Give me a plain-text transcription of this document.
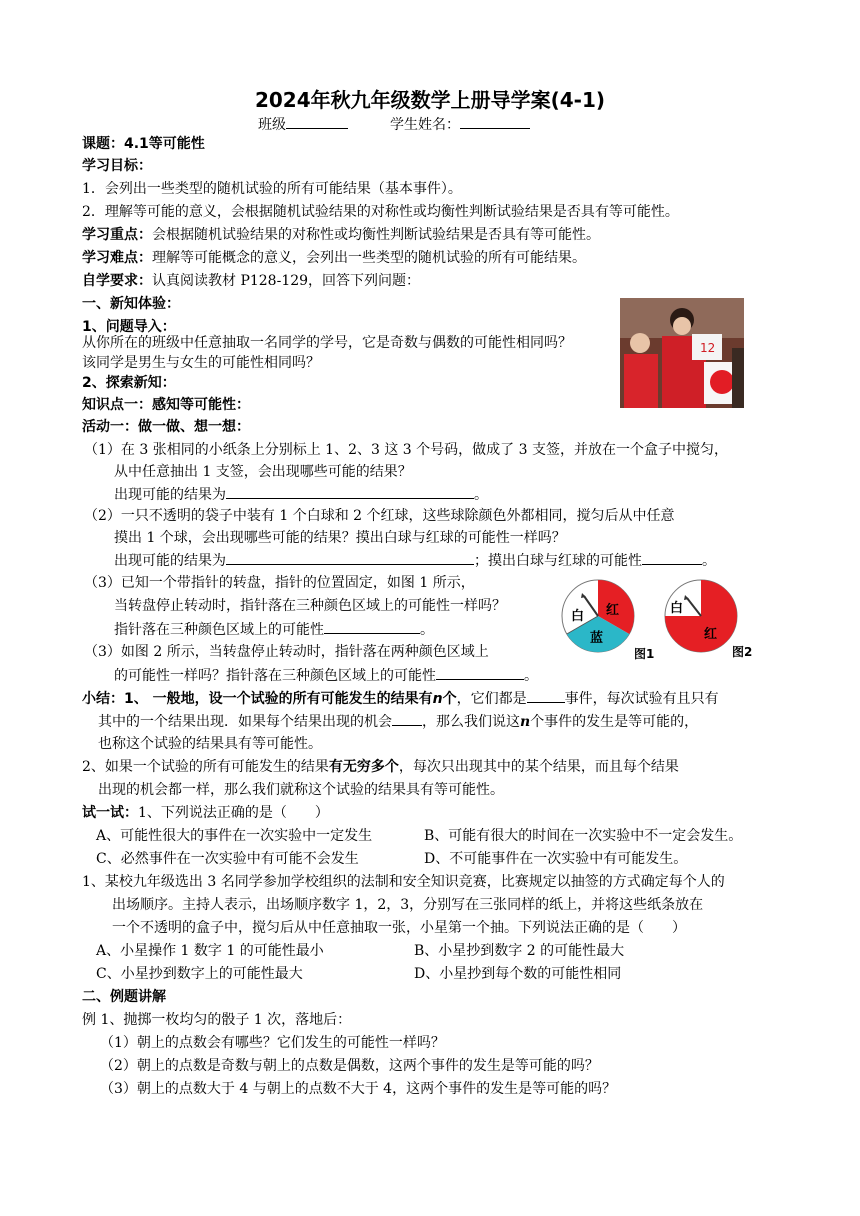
2024年秋九年级数学上册导学案(4-1)
班级	学生姓名：
课题：4.1等可能性
学习目标：
1．会列出一些类型的随机试验的所有可能结果（基本事件）。
2．理解等可能的意义，会根据随机试验结果的对称性或均衡性判断试验结果是否具有等可能性。
学习重点：会根据随机试验结果的对称性或均衡性判断试验结果是否具有等可能性。
学习难点：理解等可能概念的意义，会列出一些类型的随机试验的所有可能结果。
自学要求：认真阅读教材 P128-129，回答下列问题：
一、新知体验：
1、问题导入：
从你所在的班级中任意抽取一名同学的学号，它是奇数与偶数的可能性相同吗？
该同学是男生与女生的可能性相同吗？
12
2、探索新知：
知识点一：感知等可能性：
活动一：做一做、想一想：
（1）在 3 张相同的小纸条上分别标上 1、2、3 这 3 个号码，做成了 3 支签，并放在一个盒子中搅匀，
从中任意抽出 1 支签，会出现哪些可能的结果？
出现可能的结果为	。
（2）一只不透明的袋子中装有 1 个白球和 2 个红球，这些球除颜色外都相同，搅匀后从中任意
摸出 1 个球，会出现哪些可能的结果？摸出白球与红球的可能性一样吗？
出现可能的结果为	；摸出白球与红球的可能性	。
（3）已知一个带指针的转盘，指针的位置固定，如图 1 所示，
当转盘停止转动时，指针落在三种颜色区域上的可能性一样吗？
指针落在三种颜色区域上的可能性	。
（3）如图 2 所示，当转盘停止转动时，指针落在两种颜色区域上
的可能性一样吗？指针落在三种颜色区域上的可能性	。
白 红
蓝
图1
白
红
图2
小结：1、 一般地，设一个试验的所有可能发生的结果有n个，它们都是	事件，每次试验有且只有
其中的一个结果出现．如果每个结果出现的机会 ，那么我们说这n个事件的发生是等可能的，
也称这个试验的结果具有等可能性。
2、如果一个试验的所有可能发生的结果有无穷多个，每次只出现其中的某个结果，而且每个结果
出现的机会都一样，那么我们就称这个试验的结果具有等可能性。
试一试：1、下列说法正确的是（　　）
A、可能性很大的事件在一次实验中一定发生	B、可能有很大的时间在一次实验中不一定会发生。
C、必然事件在一次实验中有可能不会发生	D、不可能事件在一次实验中有可能发生。
1、某校九年级选出 3 名同学参加学校组织的法制和安全知识竞赛，比赛规定以抽签的方式确定每个人的
出场顺序。主持人表示，出场顺序数字 1，2，3，分别写在三张同样的纸上，并将这些纸条放在
一个不透明的盒子中，搅匀后从中任意抽取一张，小星第一个抽。下列说法正确的是（　　）
A、小星操作 1 数字 1 的可能性最小	B、小星抄到数字 2 的可能性最大
C、小星抄到数字上的可能性最大	D、小星抄到每个数的可能性相同
二、例题讲解
例 1、抛掷一枚均匀的骰子 1 次，落地后：
（1）朝上的点数会有哪些？它们发生的可能性一样吗？
（2）朝上的点数是奇数与朝上的点数是偶数，这两个事件的发生是等可能的吗？
（3）朝上的点数大于 4 与朝上的点数不大于 4，这两个事件的发生是等可能的吗？
